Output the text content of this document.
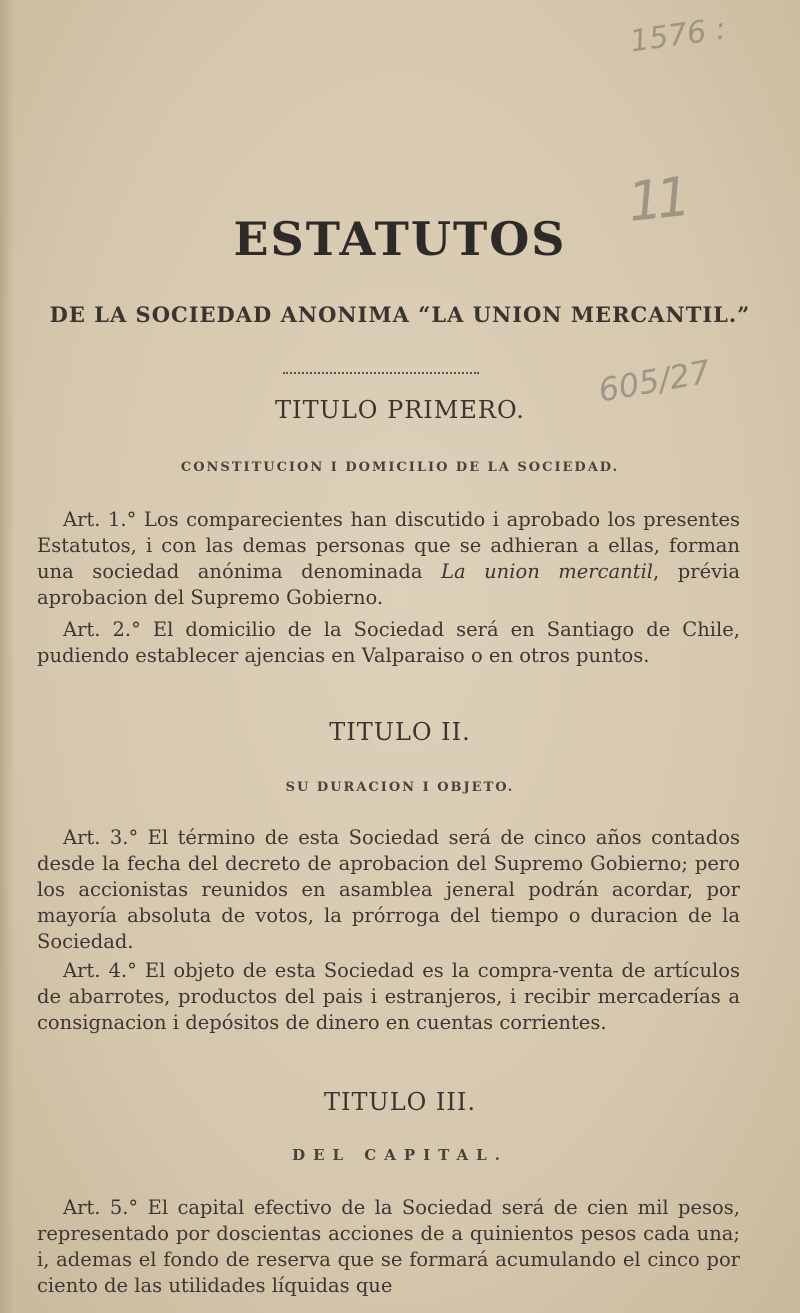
1576 :
11
605/27
ESTATUTOS
DE LA SOCIEDAD ANONIMA “LA UNION MERCANTIL.”
TITULO PRIMERO.
CONSTITUCION I DOMICILIO DE LA SOCIEDAD.
Art. 1.° Los comparecientes han discutido i aprobado los presentes Estatutos, i con las demas personas que se adhieran a ellas, forman una sociedad anónima denominada La union mercantil, prévia aprobacion del Supremo Gobierno.
Art. 2.° El domicilio de la Sociedad será en Santiago de Chile, pudiendo establecer ajencias en Valparaiso o en otros puntos.
TITULO II.
SU DURACION I OBJETO.
Art. 3.° El término de esta Sociedad será de cinco años contados desde la fecha del decreto de aprobacion del Supremo Gobierno; pero los accionistas reunidos en asamblea jeneral podrán acordar, por mayoría absoluta de votos, la prórroga del tiempo o duracion de la Sociedad.
Art. 4.° El objeto de esta Sociedad es la compra-venta de artículos de abarrotes, productos del pais i estranjeros, i recibir mercaderías a consignacion i depósitos de dinero en cuentas corrientes.
TITULO III.
DEL CAPITAL.
Art. 5.° El capital efectivo de la Sociedad será de cien mil pesos, representado por doscientas acciones de a quinientos pesos cada una; i, ademas el fondo de reserva que se formará acumulando el cinco por ciento de las utilidades líquidas que
